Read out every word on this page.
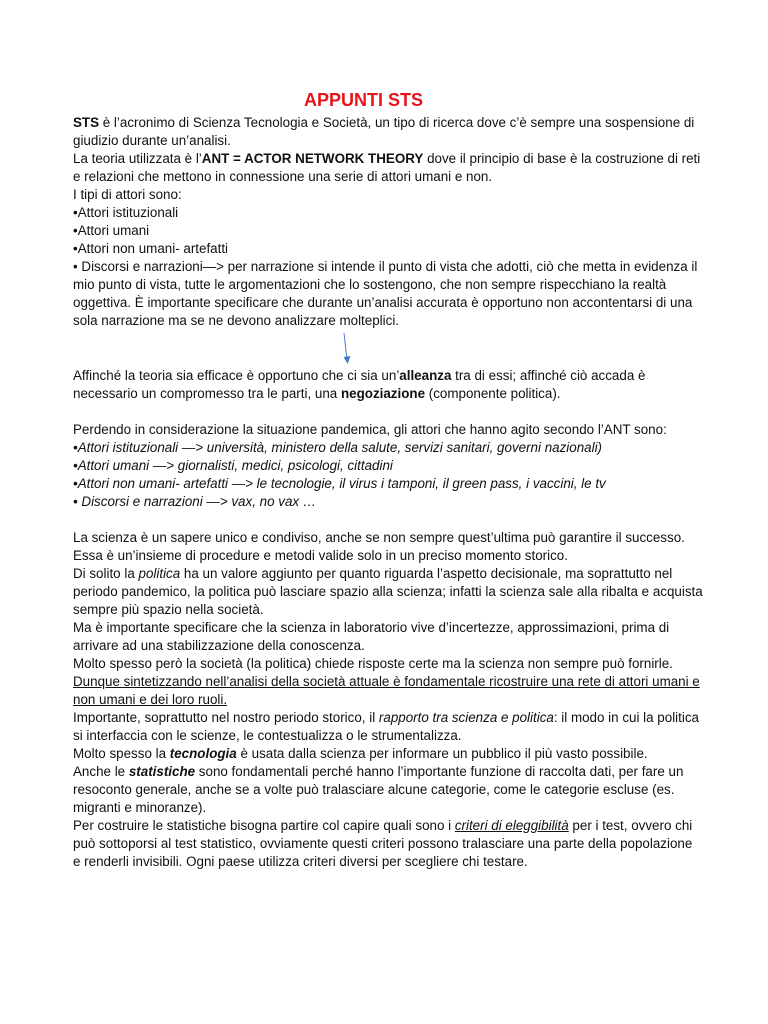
APPUNTI STS

STS è l’acronimo di Scienza Tecnologia e Società, un tipo di ricerca dove c’è sempre una sospensione di giudizio durante un’analisi.

La teoria utilizzata è l’ANT = ACTOR NETWORK THEORY dove il principio di base è la costruzione di reti e relazioni che mettono in connessione una serie di attori umani e non.

I tipi di attori sono:

•Attori istituzionali

•Attori umani

•Attori non umani- artefatti

• Discorsi e narrazioni—> per narrazione si intende il punto di vista che adotti, ciò che metta in evidenza il mio punto di vista, tutte le argomentazioni che lo sostengono, che non sempre rispecchiano la realtà oggettiva. È importante specificare che durante un’analisi accurata è opportuno non accontentarsi di una sola narrazione ma se ne devono analizzare molteplici.

Affinché la teoria sia efficace è opportuno che ci sia un’alleanza tra di essi; affinché ciò accada è necessario un compromesso tra le parti, una negoziazione (componente politica).

Perdendo in considerazione la situazione pandemica, gli attori che hanno agito secondo l’ANT sono:

•Attori istituzionali —> università, ministero della salute, servizi sanitari, governi nazionali)

•Attori umani —> giornalisti, medici, psicologi, cittadini

•Attori non umani- artefatti —> le tecnologie, il virus i tamponi, il green pass, i vaccini, le tv

• Discorsi e narrazioni —> vax, no vax …

La scienza è un sapere unico e condiviso, anche se non sempre quest’ultima può garantire il successo. Essa è un’insieme di procedure e metodi valide solo in un preciso momento storico.

Di solito la politica ha un valore aggiunto per quanto riguarda l’aspetto decisionale, ma soprattutto nel periodo pandemico, la politica può lasciare spazio alla scienza; infatti la scienza sale alla ribalta e acquista sempre più spazio nella società.

Ma è importante specificare che la scienza in laboratorio vive d’incertezze, approssimazioni, prima di arrivare ad una stabilizzazione della conoscenza.

Molto spesso però la società (la politica) chiede risposte certe ma la scienza non sempre può fornirle.

Dunque sintetizzando nell’analisi della società attuale è fondamentale ricostruire una rete di attori umani e non umani e dei loro ruoli.

Importante, soprattutto nel nostro periodo storico, il rapporto tra scienza e politica: il modo in cui la politica si interfaccia con le scienze, le contestualizza o le strumentalizza.

Molto spesso la tecnologia è usata dalla scienza per informare un pubblico il più vasto possibile.

Anche le statistiche sono fondamentali perché hanno l’importante funzione di raccolta dati, per fare un resoconto generale, anche se a volte può tralasciare alcune categorie, come le categorie escluse (es. migranti e minoranze).

Per costruire le statistiche bisogna partire col capire quali sono i criteri di eleggibilità per i test, ovvero chi può sottoporsi al test statistico, ovviamente questi criteri possono tralasciare una parte della popolazione e renderli invisibili. Ogni paese utilizza criteri diversi per scegliere chi testare.
